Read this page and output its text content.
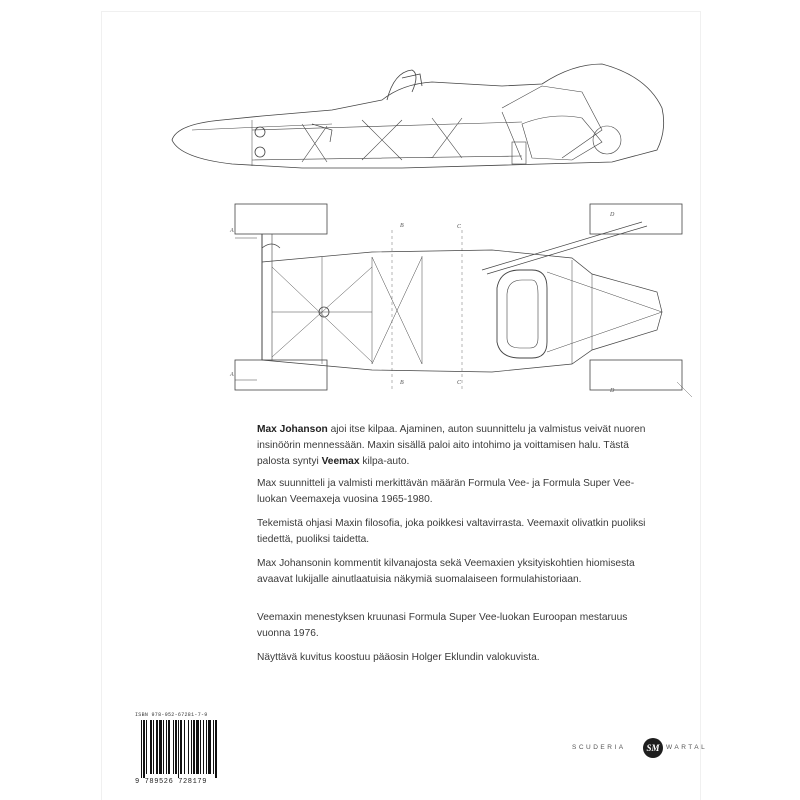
A
A
B
B
C
C
D
D

Max Johanson ajoi itse kilpaa. Ajaminen, auton suunnittelu ja valmistus veivät nuoren insinöörin mennessään. Maxin sisällä paloi aito intohimo ja voittamisen halu. Tästä palosta syntyi Veemax kilpa-auto.

Max suunnitteli ja valmisti merkittävän määrän Formula Vee- ja Formula Super Vee-luokan Veemaxeja vuosina 1965-1980.

Tekemistä ohjasi Maxin filosofia, joka poikkesi valtavirrasta. Veemaxit olivatkin puoliksi tiedettä, puoliksi taidetta.

Max Johansonin kommentit kilvanajosta sekä Veemaxien yksityiskohtien hiomisesta avaavat lukijalle ainutlaatuisia näkymiä suomalaiseen formulahistoriaan.

Veemaxin menestyksen kruunasi Formula Super Vee-luokan Euroopan mestaruus vuonna 1976.

Näyttävä kuvitus koostuu pääosin Holger Eklundin valokuvista.

ISBN 978-952-67281-7-9
9 789526 728179
SCUDERIA	SM	WARTAL
